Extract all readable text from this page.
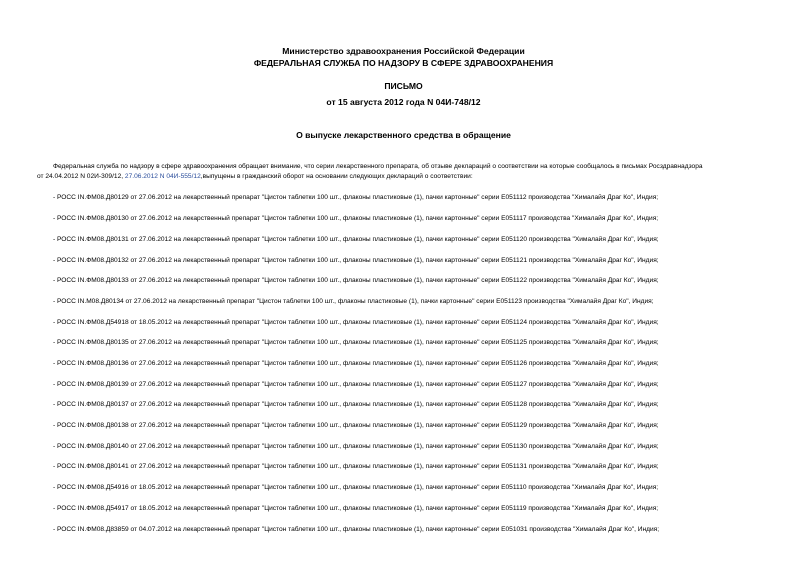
Министерство здравоохранения Российской Федерации
ФЕДЕРАЛЬНАЯ СЛУЖБА ПО НАДЗОРУ В СФЕРЕ ЗДРАВООХРАНЕНИЯ
ПИСЬМО
от 15 августа 2012 года N 04И-748/12
О выпуске лекарственного средства в обращение
Федеральная служба по надзору в сфере здравоохранения обращает внимание, что серии лекарственного препарата, об отзыве деклараций о соответствии на которые сообщалось в письмах Росздравнадзора
от 24.04.2012 N 02И-309/12, 27.06.2012 N 04И-555/12,выпущены в гражданский оборот на основании следующих деклараций о соответствии:
- РОСС IN.ФМ08.Д80129 от 27.06.2012 на лекарственный препарат "Цистон таблетки 100 шт., флаконы пластиковые (1), пачки картонные" серии Е051112 производства "Хималайя Драг Ко", Индия;
- РОСС IN.ФМ08.Д80130 от 27.06.2012 на лекарственный препарат "Цистон таблетки 100 шт., флаконы пластиковые (1), пачки картонные" серии Е051117 производства "Хималайя Драг Ко", Индия;
- РОСС IN.ФМ08.Д80131 от 27.06.2012 на лекарственный препарат "Цистон таблетки 100 шт., флаконы пластиковые (1), пачки картонные" серии Е051120 производства "Хималайя Драг Ко", Индия;
- РОСС IN.ФМ08.Д80132 от 27.06.2012 на лекарственный препарат "Цистон таблетки 100 шт., флаконы пластиковые (1), пачки картонные" серии Е051121 производства "Хималайя Драг Ко", Индия;
- РОСС IN.ФМ08.Д80133 от 27.06.2012 на лекарственный препарат "Цистон таблетки 100 шт., флаконы пластиковые (1), пачки картонные" серии Е051122 производства "Хималайя Драг Ко", Индия;
- РОСС IN.М08.Д80134 от 27.06.2012 на лекарственный препарат "Цистон таблетки 100 шт., флаконы пластиковые (1), пачки картонные" серии Е051123 производства "Хималайя Драг Ко", Индия;
- РОСС IN.ФМ08.Д54918 от 18.05.2012 на лекарственный препарат "Цистон таблетки 100 шт., флаконы пластиковые (1), пачки картонные" серии Е051124 производства "Хималайя Драг Ко", Индия;
- РОСС IN.ФМ08.Д80135 от 27.06.2012 на лекарственный препарат "Цистон таблетки 100 шт., флаконы пластиковые (1), пачки картонные" серии Е051125 производства "Хималайя Драг Ко", Индия;
- РОСС IN.ФМ08.Д80136 от 27.06.2012 на лекарственный препарат "Цистон таблетки 100 шт., флаконы пластиковые (1), пачки картонные" серии Е051126 производства "Хималайя Драг Ко", Индия;
- РОСС IN.ФМ08.Д80139 от 27.06.2012 на лекарственный препарат "Цистон таблетки 100 шт., флаконы пластиковые (1), пачки картонные" серии Е051127 производства "Хималайя Драг Ко", Индия;
- РОСС IN.ФМ08.Д80137 от 27.06.2012 на лекарственный препарат "Цистон таблетки 100 шт., флаконы пластиковые (1), пачки картонные" серии Е051128 производства "Хималайя Драг Ко", Индия;
- РОСС IN.ФМ08.Д80138 от 27.06.2012 на лекарственный препарат "Цистон таблетки 100 шт., флаконы пластиковые (1), пачки картонные" серии Е051129 производства "Хималайя Драг Ко", Индия;
- РОСС IN.ФМ08.Д80140 от 27.06.2012 на лекарственный препарат "Цистон таблетки 100 шт., флаконы пластиковые (1), пачки картонные" серии Е051130 производства "Хималайя Драг Ко", Индия;
- РОСС IN.ФМ08.Д80141 от 27.06.2012 на лекарственный препарат "Цистон таблетки 100 шт., флаконы пластиковые (1), пачки картонные" серии Е051131 производства "Хималайя Драг Ко", Индия;
- РОСС IN.ФМ08.Д54916 от 18.05.2012 на лекарственный препарат "Цистон таблетки 100 шт., флаконы пластиковые (1), пачки картонные" серии Е051110 производства "Хималайя Драг Ко", Индия;
- РОСС IN.ФМ08.Д54917 от 18.05.2012 на лекарственный препарат "Цистон таблетки 100 шт., флаконы пластиковые (1), пачки картонные" серии Е051119 производства "Хималайя Драг Ко", Индия;
- РОСС IN.ФМ08.Д83859 от 04.07.2012 на лекарственный препарат "Цистон таблетки 100 шт., флаконы пластиковые (1), пачки картонные" серии Е051031 производства "Хималайя Драг Ко", Индия;
